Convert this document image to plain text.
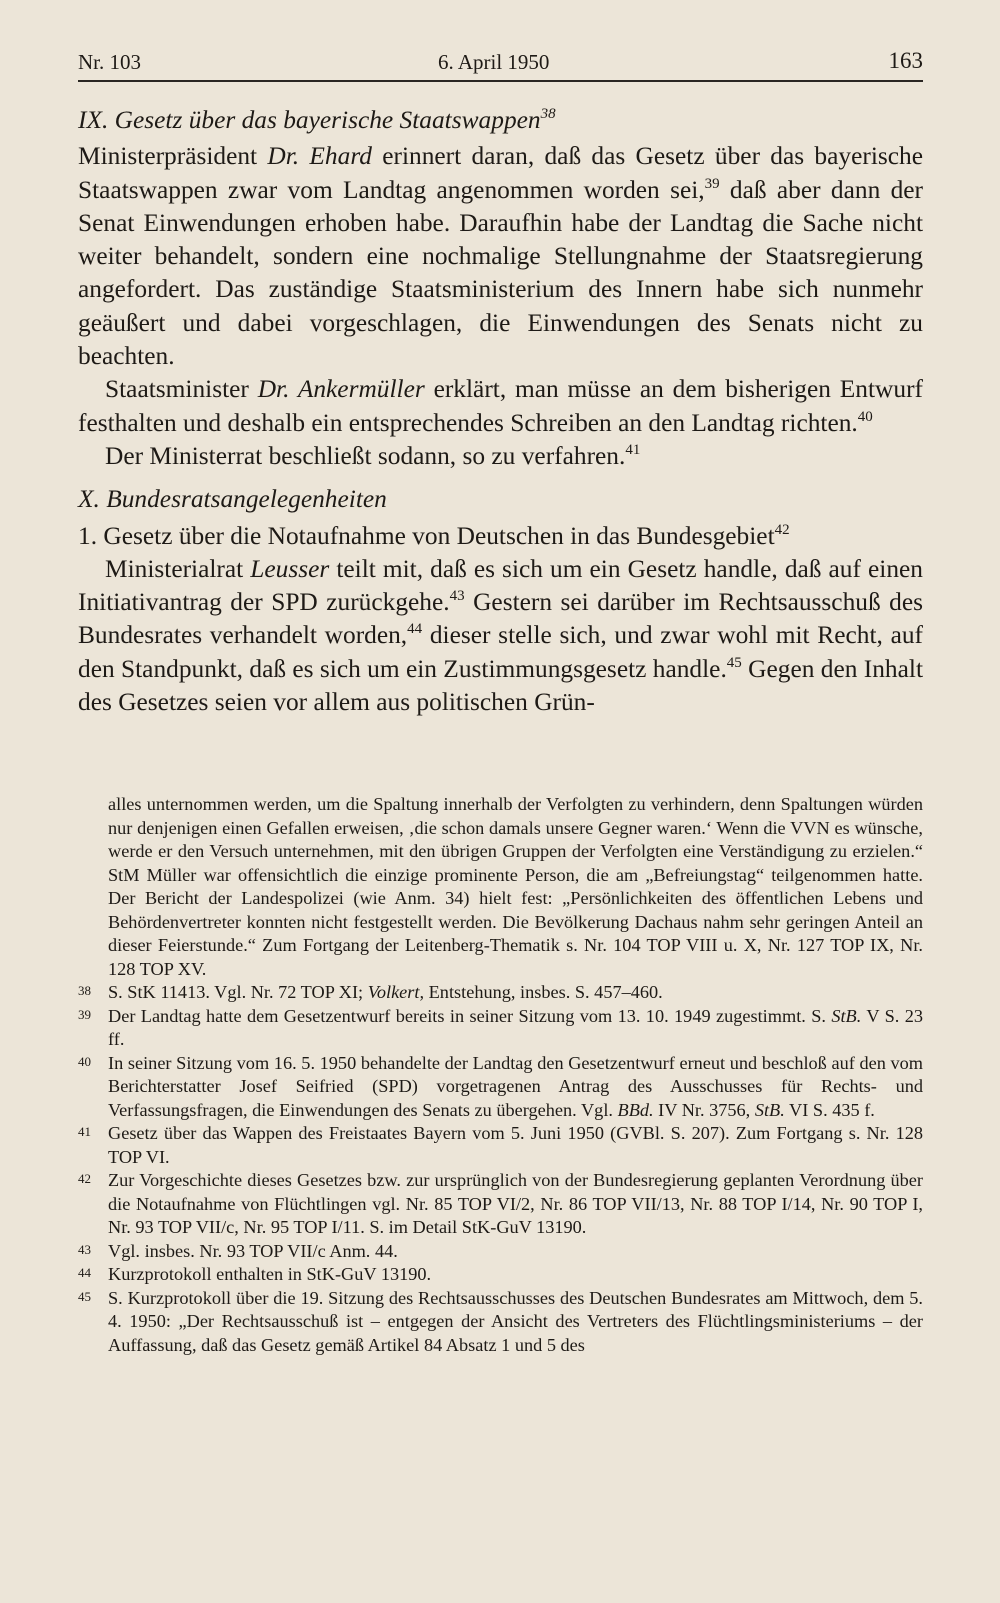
Nr. 103	6. April 1950	163

IX. Gesetz über das bayerische Staatswappen$^{38}$

Ministerpräsident Dr. Ehard erinnert daran, daß das Gesetz über das bayerische Staatswappen zwar vom Landtag angenommen worden sei,$^{39}$ daß aber dann der Senat Einwendungen erhoben habe. Daraufhin habe der Landtag die Sache nicht weiter behandelt, sondern eine nochmalige Stellungnahme der Staatsregierung angefordert. Das zuständige Staatsministerium des Innern habe sich nunmehr geäußert und dabei vorgeschlagen, die Einwendungen des Senats nicht zu beachten.

Staatsminister Dr. Ankermüller erklärt, man müsse an dem bisherigen Entwurf festhalten und deshalb ein entsprechendes Schreiben an den Landtag richten.$^{40}$

Der Ministerrat beschließt sodann, so zu verfahren.$^{41}$

X. Bundesratsangelegenheiten

1. Gesetz über die Notaufnahme von Deutschen in das Bundesgebiet$^{42}$

Ministerialrat Leusser teilt mit, daß es sich um ein Gesetz handle, daß auf einen Initiativantrag der SPD zurückgehe.$^{43}$ Gestern sei darüber im Rechtsausschuß des Bundesrates verhandelt worden,$^{44}$ dieser stelle sich, und zwar wohl mit Recht, auf den Standpunkt, daß es sich um ein Zustimmungsgesetz handle.$^{45}$ Gegen den Inhalt des Gesetzes seien vor allem aus politischen Grün-

alles unternommen werden, um die Spaltung innerhalb der Verfolgten zu verhindern, denn Spaltungen würden nur denjenigen einen Gefallen erweisen, ‚die schon damals unsere Gegner waren.‘ Wenn die VVN es wünsche, werde er den Versuch unternehmen, mit den übrigen Gruppen der Verfolgten eine Verständigung zu erzielen.“ StM Müller war offensichtlich die einzige prominente Person, die am „Befreiungstag“ teilgenommen hatte. Der Bericht der Landespolizei (wie Anm. 34) hielt fest: „Persönlichkeiten des öffentlichen Lebens und Behördenvertreter konnten nicht festgestellt werden. Die Bevölkerung Dachaus nahm sehr geringen Anteil an dieser Feierstunde.“ Zum Fortgang der Leitenberg-Thematik s. Nr. 104 TOP VIII u. X, Nr. 127 TOP IX, Nr. 128 TOP XV.
38 S. StK 11413. Vgl. Nr. 72 TOP XI; Volkert, Entstehung, insbes. S. 457–460.
39 Der Landtag hatte dem Gesetzentwurf bereits in seiner Sitzung vom 13. 10. 1949 zugestimmt. S. StB. V S. 23 ff.
40 In seiner Sitzung vom 16. 5. 1950 behandelte der Landtag den Gesetzentwurf erneut und beschloß auf den vom Berichterstatter Josef Seifried (SPD) vorgetragenen Antrag des Ausschusses für Rechts- und Verfassungsfragen, die Einwendungen des Senats zu übergehen. Vgl. BBd. IV Nr. 3756, StB. VI S. 435 f.
41 Gesetz über das Wappen des Freistaates Bayern vom 5. Juni 1950 (GVBl. S. 207). Zum Fortgang s. Nr. 128 TOP VI.
42 Zur Vorgeschichte dieses Gesetzes bzw. zur ursprünglich von der Bundesregierung geplanten Verordnung über die Notaufnahme von Flüchtlingen vgl. Nr. 85 TOP VI/2, Nr. 86 TOP VII/13, Nr. 88 TOP I/14, Nr. 90 TOP I, Nr. 93 TOP VII/c, Nr. 95 TOP I/11. S. im Detail StK-GuV 13190.
43 Vgl. insbes. Nr. 93 TOP VII/c Anm. 44.
44 Kurzprotokoll enthalten in StK-GuV 13190.
45 S. Kurzprotokoll über die 19. Sitzung des Rechtsausschusses des Deutschen Bundesrates am Mittwoch, dem 5. 4. 1950: „Der Rechtsausschuß ist – entgegen der Ansicht des Vertreters des Flüchtlingsministeriums – der Auffassung, daß das Gesetz gemäß Artikel 84 Absatz 1 und 5 des
